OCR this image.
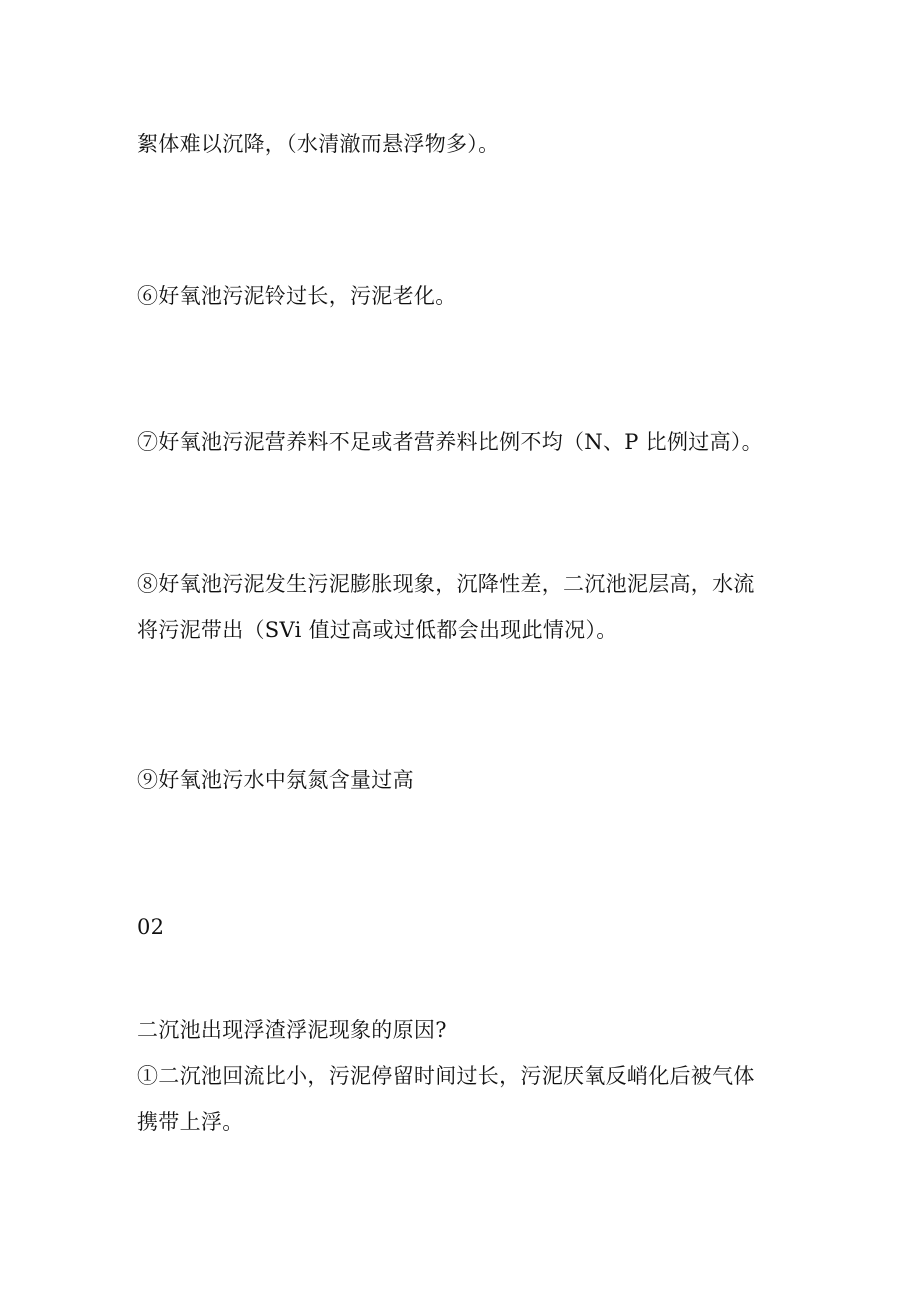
絮体难以沉降，（水清澈而悬浮物多）。

⑥好氧池污泥铃过长，污泥老化。

⑦好氧池污泥营养料不足或者营养料比例不均（N、P 比例过高）。

⑧好氧池污泥发生污泥膨胀现象，沉降性差，二沉池泥层高，水流
将污泥带出（SVi 值过高或过低都会出现此情况）。

⑨好氧池污水中氛氮含量过高

02

二沉池出现浮渣浮泥现象的原因?

①二沉池回流比小，污泥停留时间过长，污泥厌氧反峭化后被气体
携带上浮。
